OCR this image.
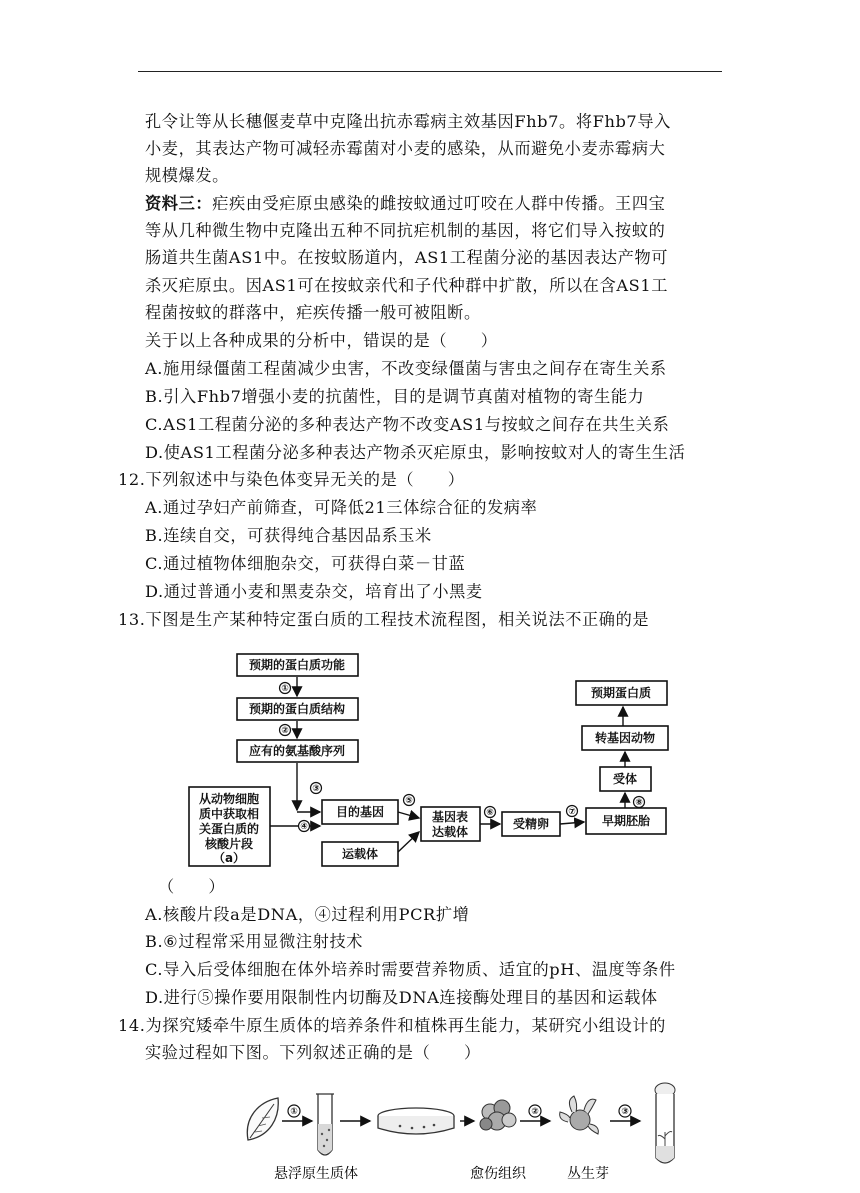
孔令让等从长穗偃麦草中克隆出抗赤霉病主效基因Fhb7。将Fhb7导入
小麦，其表达产物可减轻赤霉菌对小麦的感染，从而避免小麦赤霉病大
规模爆发。
资料三：疟疾由受疟原虫感染的雌按蚊通过叮咬在人群中传播。王四宝
等从几种微生物中克隆出五种不同抗疟机制的基因，将它们导入按蚊的
肠道共生菌AS1中。在按蚊肠道内，AS1工程菌分泌的基因表达产物可
杀灭疟原虫。因AS1可在按蚊亲代和子代种群中扩散，所以在含AS1工
程菌按蚊的群落中，疟疾传播一般可被阻断。
关于以上各种成果的分析中，错误的是（　　）
A.施用绿僵菌工程菌减少虫害，不改变绿僵菌与害虫之间存在寄生关系
B.引入Fhb7增强小麦的抗菌性，目的是调节真菌对植物的寄生能力
C.AS1工程菌分泌的多种表达产物不改变AS1与按蚊之间存在共生关系
D.使AS1工程菌分泌多种表达产物杀灭疟原虫，影响按蚊对人的寄生生活
12.下列叙述中与染色体变异无关的是（　　）
A.通过孕妇产前筛查，可降低21三体综合征的发病率
B.连续自交，可获得纯合基因品系玉米
C.通过植物体细胞杂交，可获得白菜－甘蓝
D.通过普通小麦和黑麦杂交，培育出了小黑麦
13.下图是生产某种特定蛋白质的工程技术流程图，相关说法不正确的是
预期的蛋白质功能
预期的蛋白质结构
应有的氨基酸序列
从动物细胞
质中获取相
关蛋白质的
核酸片段
（a）
目的基因
运载体
基因表
达载体
受精卵	早期胚胎
受体
转基因动物
预期蛋白质
①
②
③
④
⑤
⑥	⑦
⑧
（　　）
A.核酸片段a是DNA，④过程利用PCR扩增
B.⑥过程常采用显微注射技术
C.导入后受体细胞在体外培养时需要营养物质、适宜的pH、温度等条件
D.进行⑤操作要用限制性内切酶及DNA连接酶处理目的基因和运载体
14.为探究矮牵牛原生质体的培养条件和植株再生能力，某研究小组设计的
实验过程如下图。下列叙述正确的是（　　）
①	②	③
悬浮原生质体	愈伤组织	丛生芽
